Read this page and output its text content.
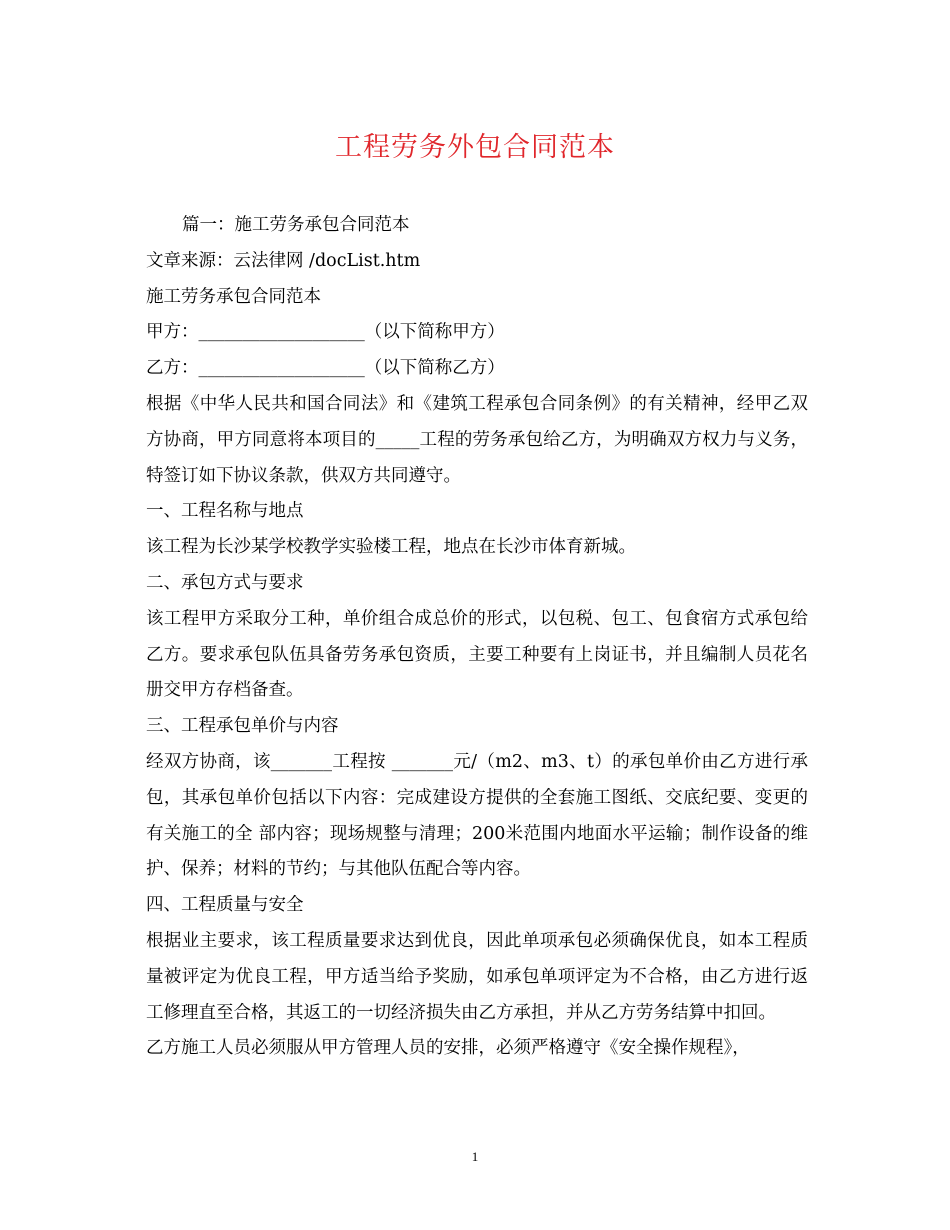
工程劳务外包合同范本

篇一：施工劳务承包合同范本

文章来源：云法律网 /docList.htm

施工劳务承包合同范本

甲方：___________________（以下简称甲方）

乙方：___________________（以下简称乙方）

根据《中华人民共和国合同法》和《建筑工程承包合同条例》的有关精神，经甲乙双方协商，甲方同意将本项目的_____工程的劳务承包给乙方，为明确双方权力与义务，特签订如下协议条款，供双方共同遵守。

一、工程名称与地点

该工程为长沙某学校教学实验楼工程，地点在长沙市体育新城。

二、承包方式与要求

该工程甲方采取分工种，单价组合成总价的形式，以包税、包工、包食宿方式承包给乙方。要求承包队伍具备劳务承包资质，主要工种要有上岗证书，并且编制人员花名册交甲方存档备查。

三、工程承包单价与内容

经双方协商，该_______工程按 _______元/（m2、m3、t）的承包单价由乙方进行承包，其承包单价包括以下内容：完成建设方提供的全套施工图纸、交底纪要、变更的有关施工的全 部内容；现场规整与清理；200米范围内地面水平运输；制作设备的维护、保养；材料的节约；与其他队伍配合等内容。

四、工程质量与安全

根据业主要求，该工程质量要求达到优良，因此单项承包必须确保优良，如本工程质量被评定为优良工程，甲方适当给予奖励，如承包单项评定为不合格，由乙方进行返工修理直至合格，其返工的一切经济损失由乙方承担，并从乙方劳务结算中扣回。

乙方施工人员必须服从甲方管理人员的安排，必须严格遵守《安全操作规程》，

1
